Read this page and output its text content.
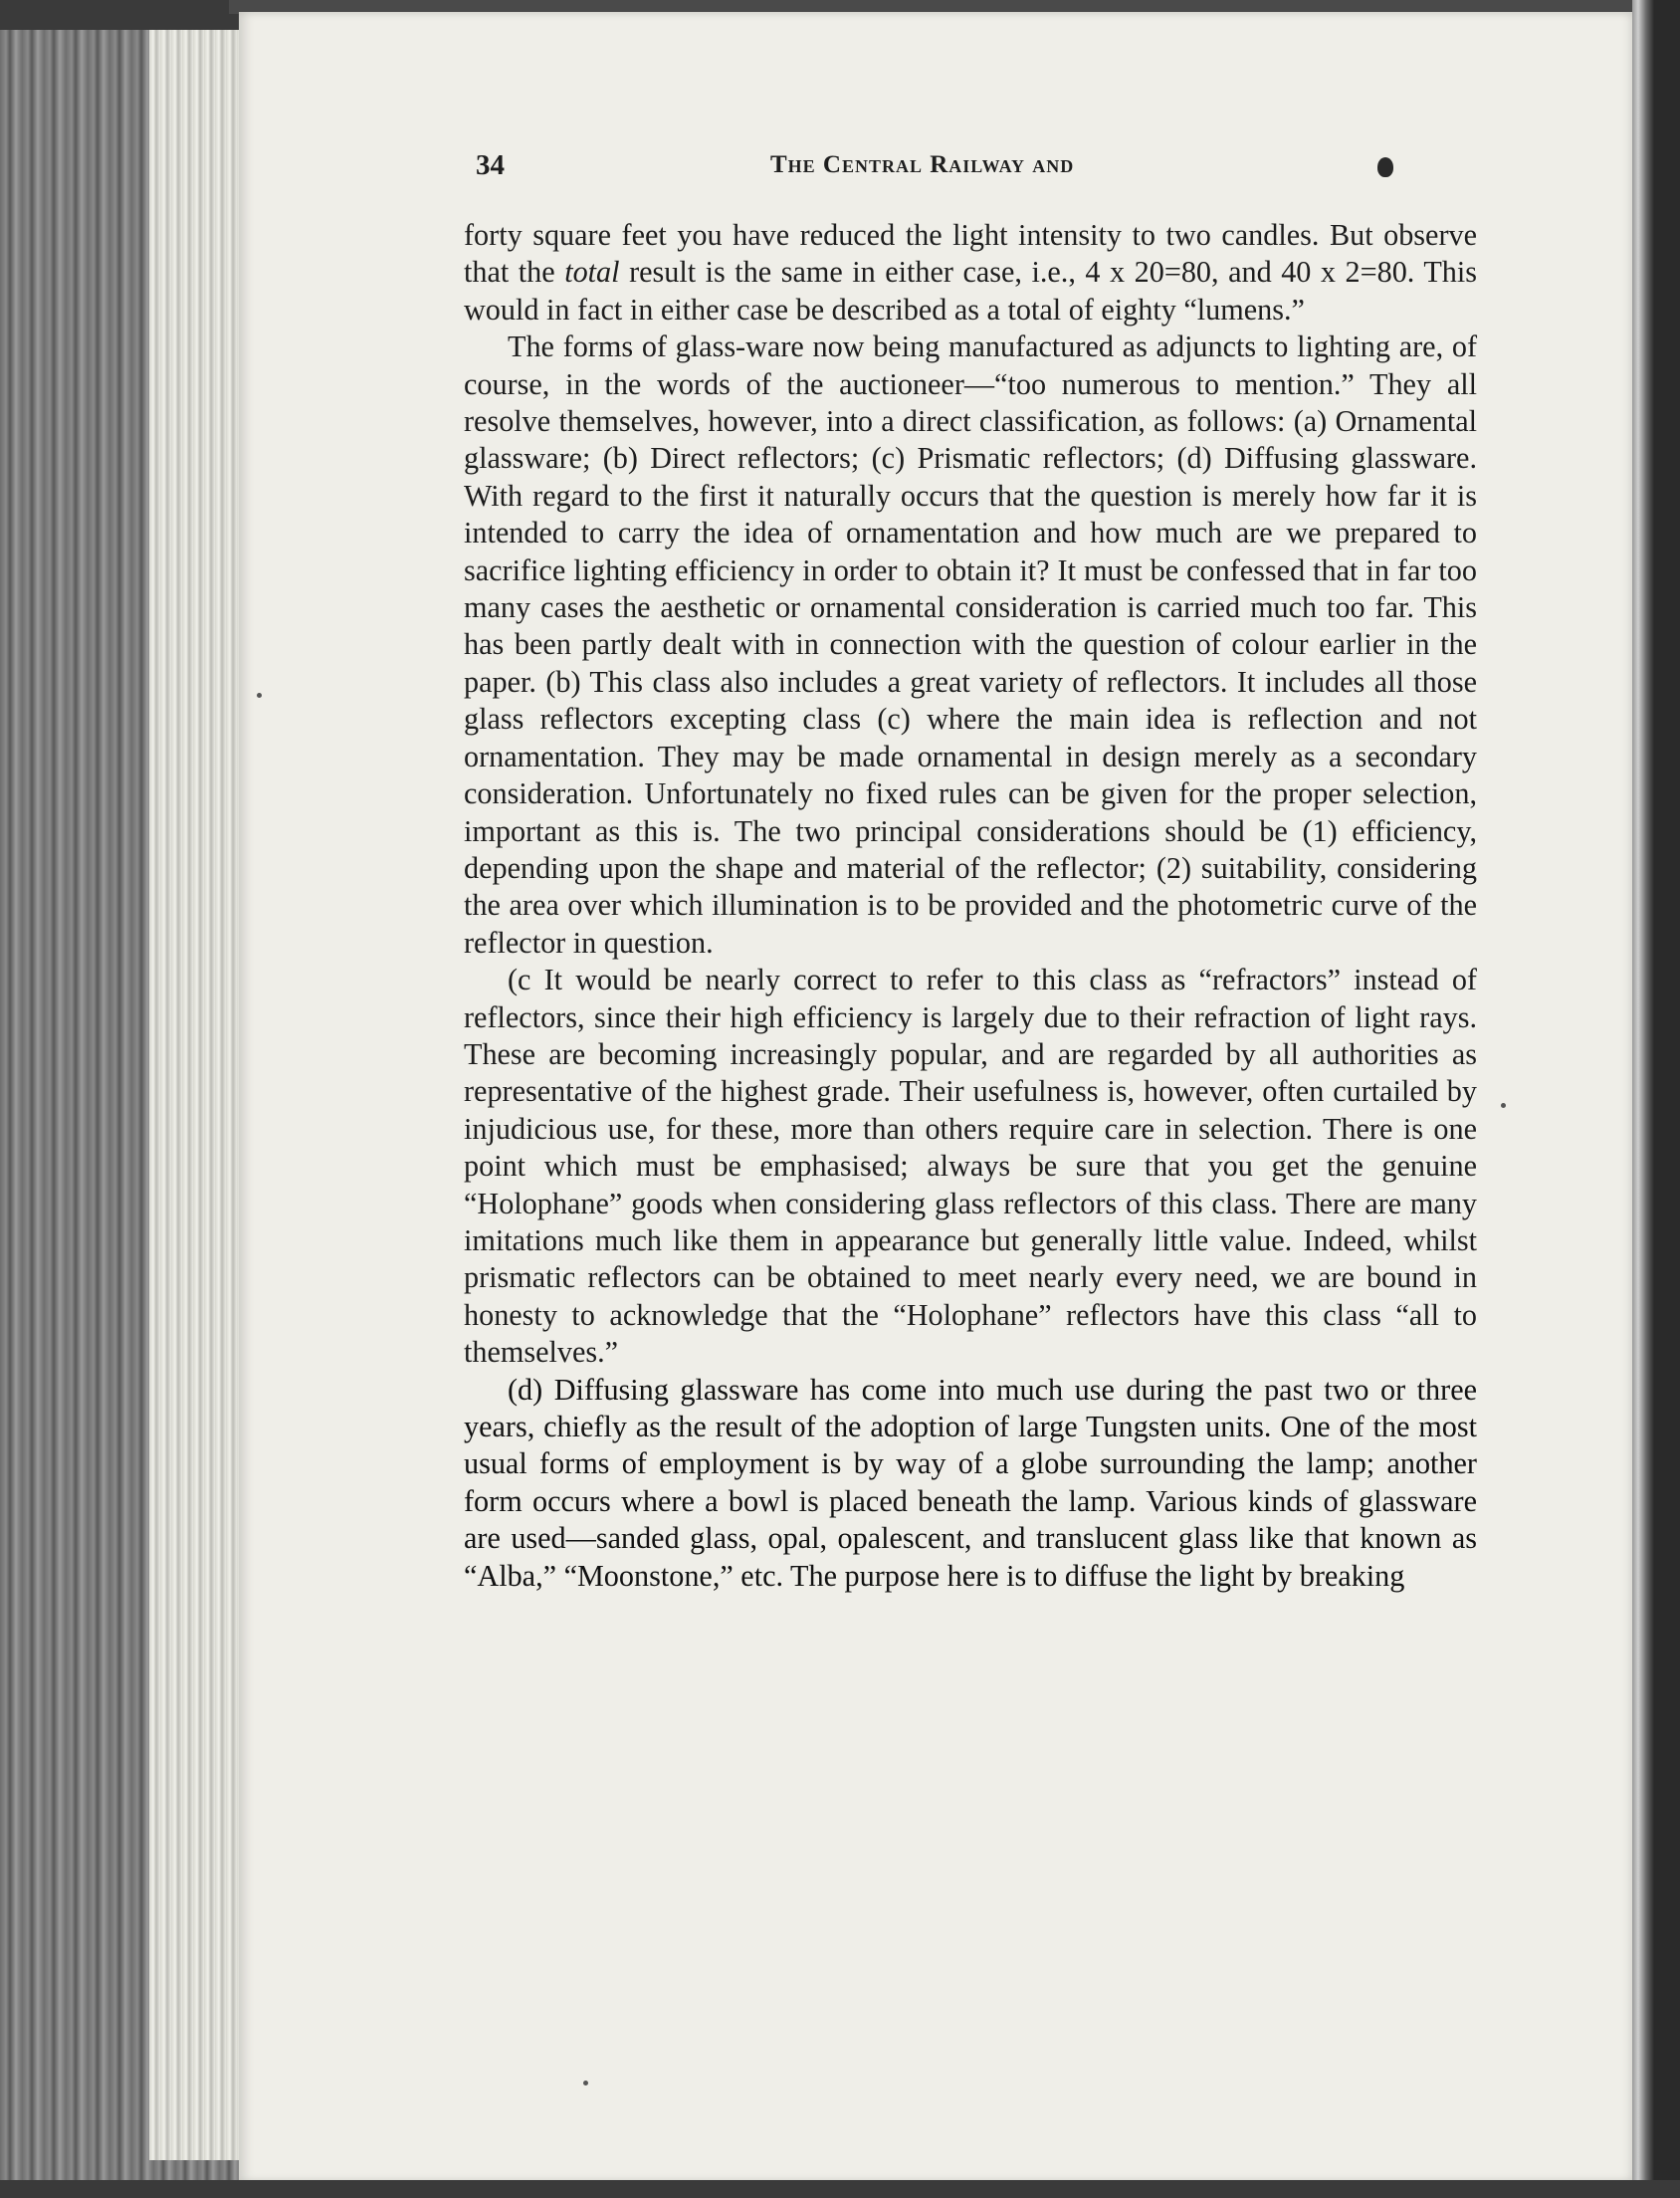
34	The Central Railway and

forty square feet you have reduced the light intensity to two candles. But observe that the total result is the same in either case, i.e., 4 x 20=80, and 40 x 2=80. This would in fact in either case be described as a total of eighty “lumens.”

The forms of glass-ware now being manufactured as adjuncts to lighting are, of course, in the words of the auctioneer—“too numerous to mention.” They all resolve themselves, however, into a direct classification, as follows: (a) Ornamental glassware; (b) Direct reflectors; (c) Prismatic reflectors; (d) Diffusing glassware. With regard to the first it naturally occurs that the question is merely how far it is intended to carry the idea of ornamentation and how much are we prepared to sacrifice lighting efficiency in order to obtain it? It must be confessed that in far too many cases the aesthetic or ornamental consideration is carried much too far. This has been partly dealt with in connection with the question of colour earlier in the paper. (b) This class also includes a great variety of reflectors. It includes all those glass reflectors excepting class (c) where the main idea is reflection and not ornamentation. They may be made ornamental in design merely as a secondary consideration. Unfortunately no fixed rules can be given for the proper selection, important as this is. The two principal considerations should be (1) efficiency, depending upon the shape and material of the reflector; (2) suitability, considering the area over which illumination is to be provided and the photometric curve of the reflector in question.

(c It would be nearly correct to refer to this class as “refractors” instead of reflectors, since their high efficiency is largely due to their refraction of light rays. These are becoming increasingly popular, and are regarded by all authorities as representative of the highest grade. Their usefulness is, however, often curtailed by injudicious use, for these, more than others require care in selection. There is one point which must be emphasised; always be sure that you get the genuine “Holophane” goods when considering glass reflectors of this class. There are many imitations much like them in appearance but generally little value. Indeed, whilst prismatic reflectors can be obtained to meet nearly every need, we are bound in honesty to acknowledge that the “Holophane” reflectors have this class “all to themselves.”

(d) Diffusing glassware has come into much use during the past two or three years, chiefly as the result of the adoption of large Tungsten units. One of the most usual forms of employment is by way of a globe surrounding the lamp; another form occurs where a bowl is placed beneath the lamp. Various kinds of glassware are used—sanded glass, opal, opalescent, and translucent glass like that known as “Alba,” “Moonstone,” etc. The purpose here is to diffuse the light by breaking
